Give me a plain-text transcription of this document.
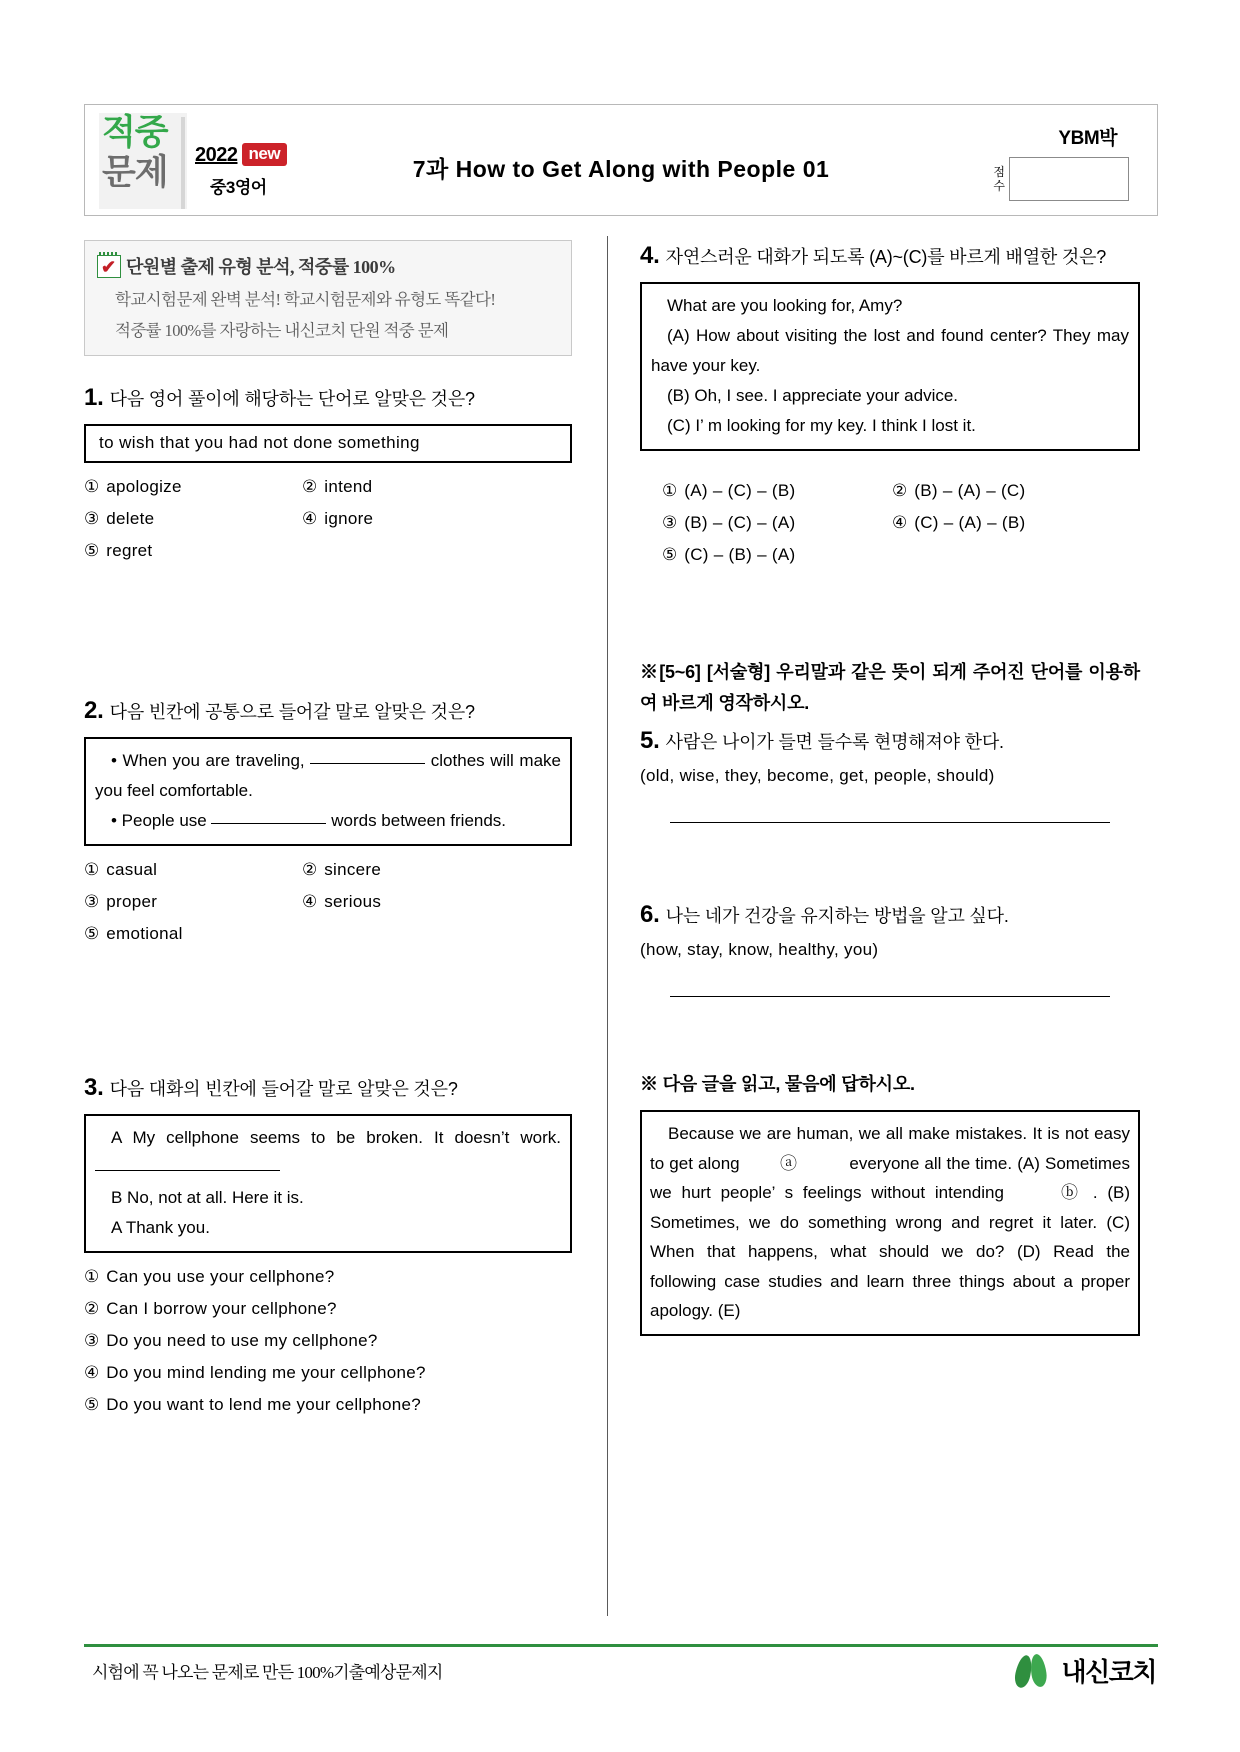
적중
문제	2022 new
중3영어
7과 How to Get Along with People 01
YBM박
점
수
✔ 단원별 출제 유형 분석, 적중률 100%
학교시험문제 완벽 분석! 학교시험문제와 유형도 똑같다!
적중률 100%를 자랑하는 내신코치 단원 적중 문제
1. 다음 영어 풀이에 해당하는 단어로 알맞은 것은?

to wish that you had not done something

① apologize	② intend
③ delete	④ ignore
⑤ regret
2. 다음 빈칸에 공통으로 들어갈 말로 알맞은 것은?

• When you are traveling,	clothes will make you feel comfortable.

• People use	words between friends.

① casual	② sincere
③ proper	④ serious
⑤ emotional
3. 다음 대화의 빈칸에 들어갈 말로 알맞은 것은?

A My cellphone seems to be broken. It doesn’t work.

B No, not at all. Here it is.

A Thank you.

① Can you use your cellphone?
② Can I borrow your cellphone?
③ Do you need to use my cellphone?
④ Do you mind lending me your cellphone?
⑤ Do you want to lend me your cellphone?
4. 자연스러운 대화가 되도록 (A)~(C)를 바르게 배열한 것은?

What are you looking for, Amy?

(A) How about visiting the lost and found center? They may have your key.

(B) Oh, I see. I appreciate your advice.

(C) I’ m looking for my key. I think I lost it.

① (A) – (C) – (B)	② (B) – (A) – (C)
③ (B) – (C) – (A)	④ (C) – (A) – (B)
⑤ (C) – (B) – (A)
※[5~6] [서술형] 우리말과 같은 뜻이 되게 주어진 단어를 이용하여 바르게 영작하시오.
5. 사람은 나이가 들면 들수록 현명해져야 한다.
(old, wise, they, become, get, people, should)
6. 나는 네가 건강을 유지하는 방법을 알고 싶다.
(how, stay, know, healthy, you)
※ 다음 글을 읽고, 물음에 답하시오.

Because we are human, we all make mistakes. It is not easy to get along ⓐ	everyone all the time. (A) Sometimes we hurt people’ s feelings without intending	ⓑ . (B) Sometimes, we do something wrong and regret it later. (C) When that happens, what should we do? (D) Read the following case studies and learn three things about a proper apology. (E)

시험에 꼭 나오는 문제로 만든 100%기출예상문제지	내신코치
